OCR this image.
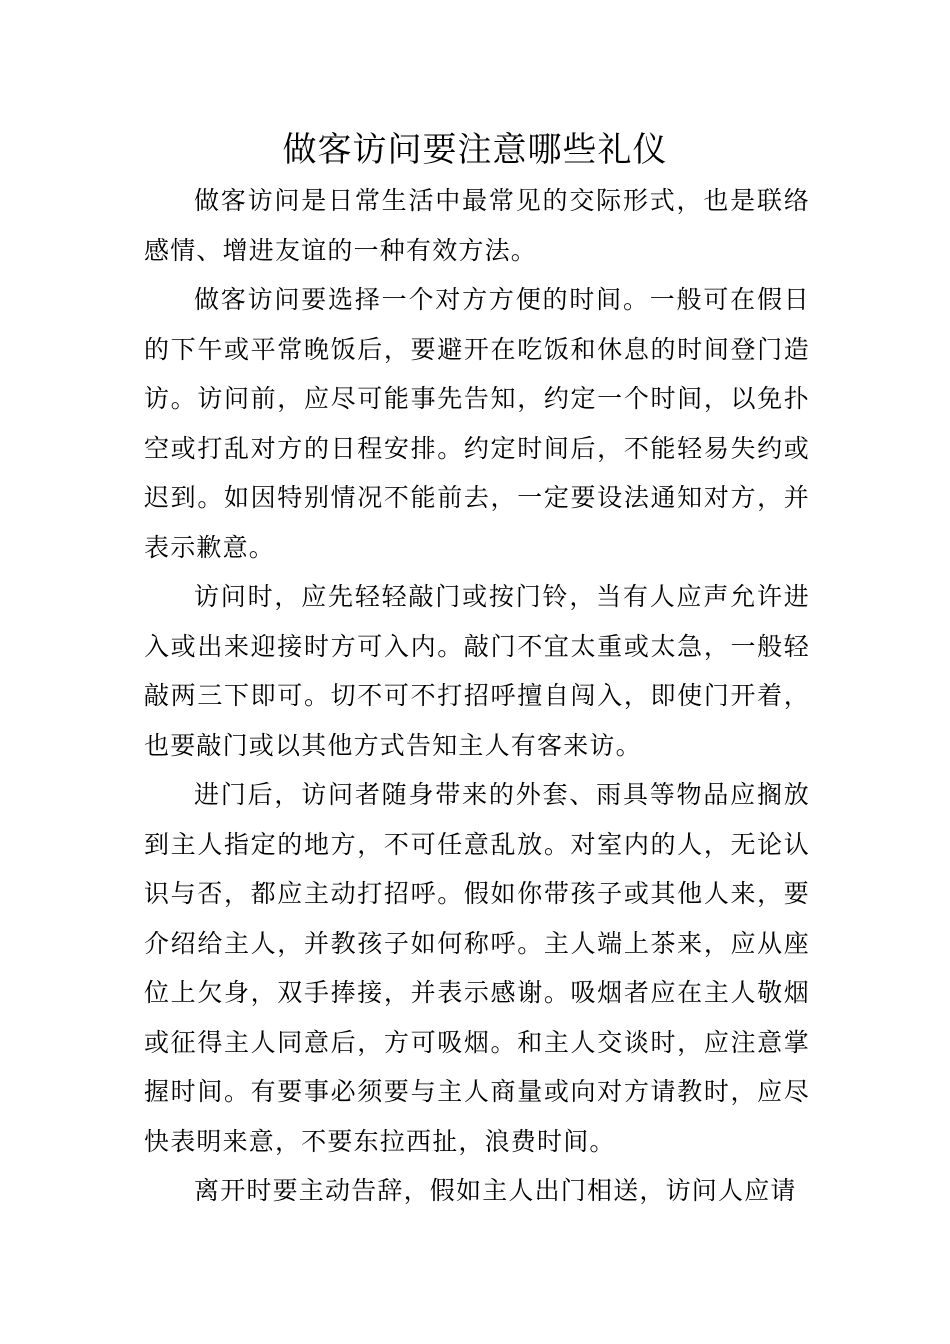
做客访问要注意哪些礼仪

做客访问是日常生活中最常见的交际形式，也是联络感情、增进友谊的一种有效方法。

做客访问要选择一个对方方便的时间。一般可在假日的下午或平常晚饭后，要避开在吃饭和休息的时间登门造访。访问前，应尽可能事先告知，约定一个时间，以免扑空或打乱对方的日程安排。约定时间后，不能轻易失约或迟到。如因特别情况不能前去，一定要设法通知对方，并表示歉意。

访问时，应先轻轻敲门或按门铃，当有人应声允许进入或出来迎接时方可入内。敲门不宜太重或太急，一般轻敲两三下即可。切不可不打招呼擅自闯入，即使门开着，也要敲门或以其他方式告知主人有客来访。

进门后，访问者随身带来的外套、雨具等物品应搁放到主人指定的地方，不可任意乱放。对室内的人，无论认识与否，都应主动打招呼。假如你带孩子或其他人来，要介绍给主人，并教孩子如何称呼。主人端上茶来，应从座位上欠身，双手捧接，并表示感谢。吸烟者应在主人敬烟或征得主人同意后，方可吸烟。和主人交谈时，应注意掌握时间。有要事必须要与主人商量或向对方请教时，应尽快表明来意，不要东拉西扯，浪费时间。

离开时要主动告辞，假如主人出门相送，访问人应请
